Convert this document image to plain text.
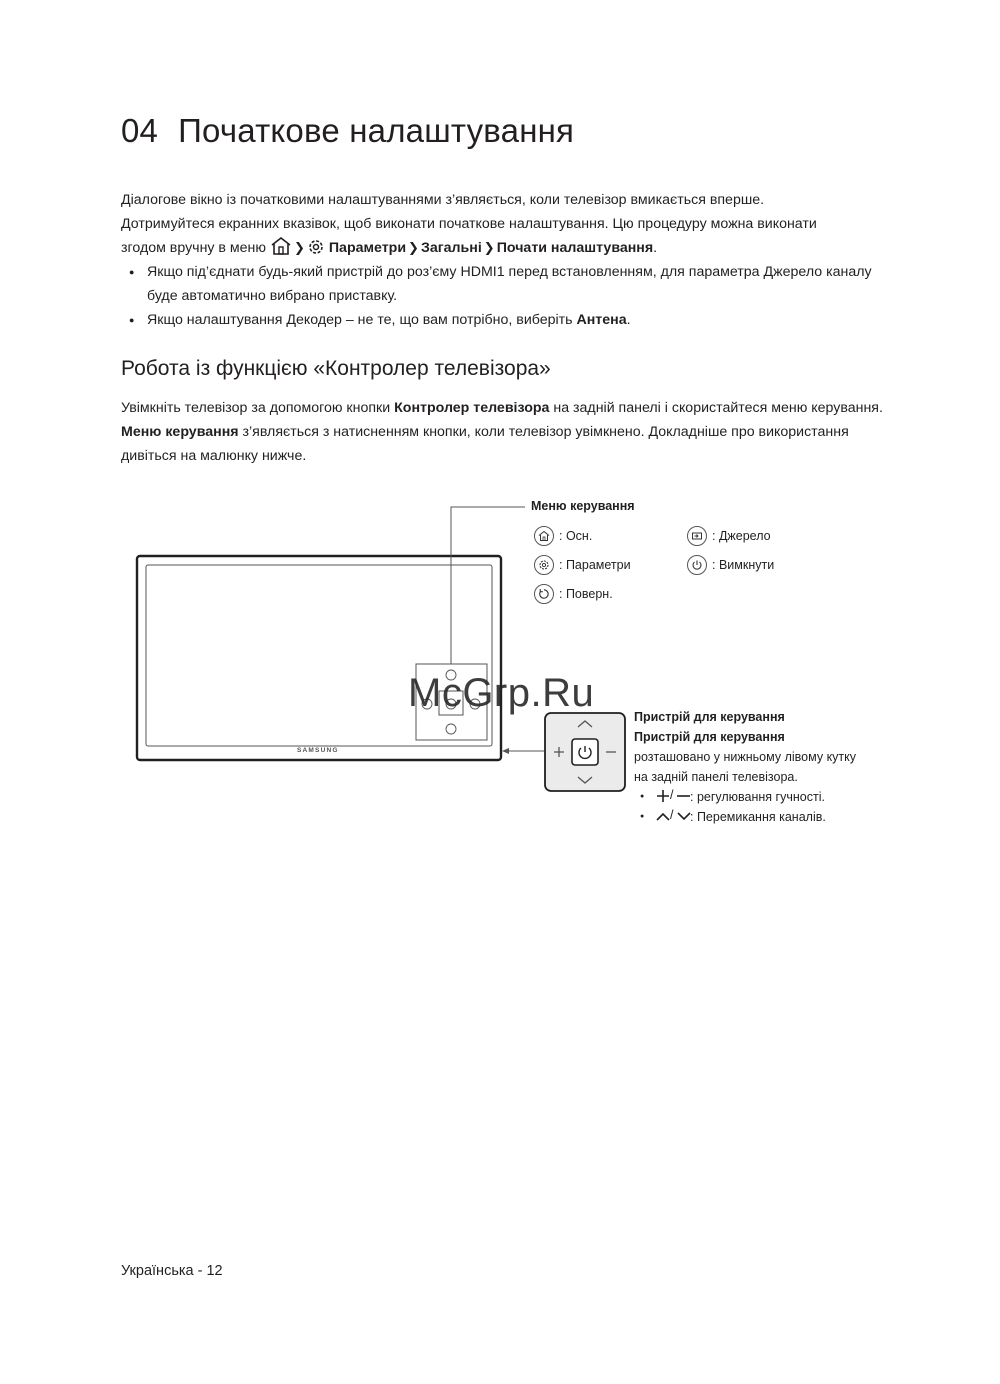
04 Початкове налаштування
Діалогове вікно із початковими налаштуваннями з’являється, коли телевізор вмикається вперше.
Дотримуйтеся екранних вказівок, щоб виконати початкове налаштування. Цю процедуру можна виконати
згодом вручну в меню ❯ Параметри ❯ Загальні ❯ Почати налаштування.
● Якщо під’єднати будь-який пристрій до роз’єму HDMI1 перед встановленням, для параметра Джерело каналу буде автоматично вибрано приставку.
● Якщо налаштування Декодер – не те, що вам потрібно, виберіть Антена.
Робота із функцією «Контролер телевізора»
Увімкніть телевізор за допомогою кнопки Контролер телевізора на задній панелі і скористайтеся меню керування. Меню керування з’являється з натисненням кнопки, коли телевізор увімкнено. Докладніше про використання дивіться на малюнку нижче.
SAMSUNG
Меню керування
: Осн.
: Параметри
: Поверн.
: Джерело
: Вимкнути
Пристрій для керування
Пристрій для керування
розташовано у нижньому лівому кутку на задній панелі телевізора.
● / : регулювання гучності.
● / : Перемикання каналів.
McGrp.Ru
Українська - 12
